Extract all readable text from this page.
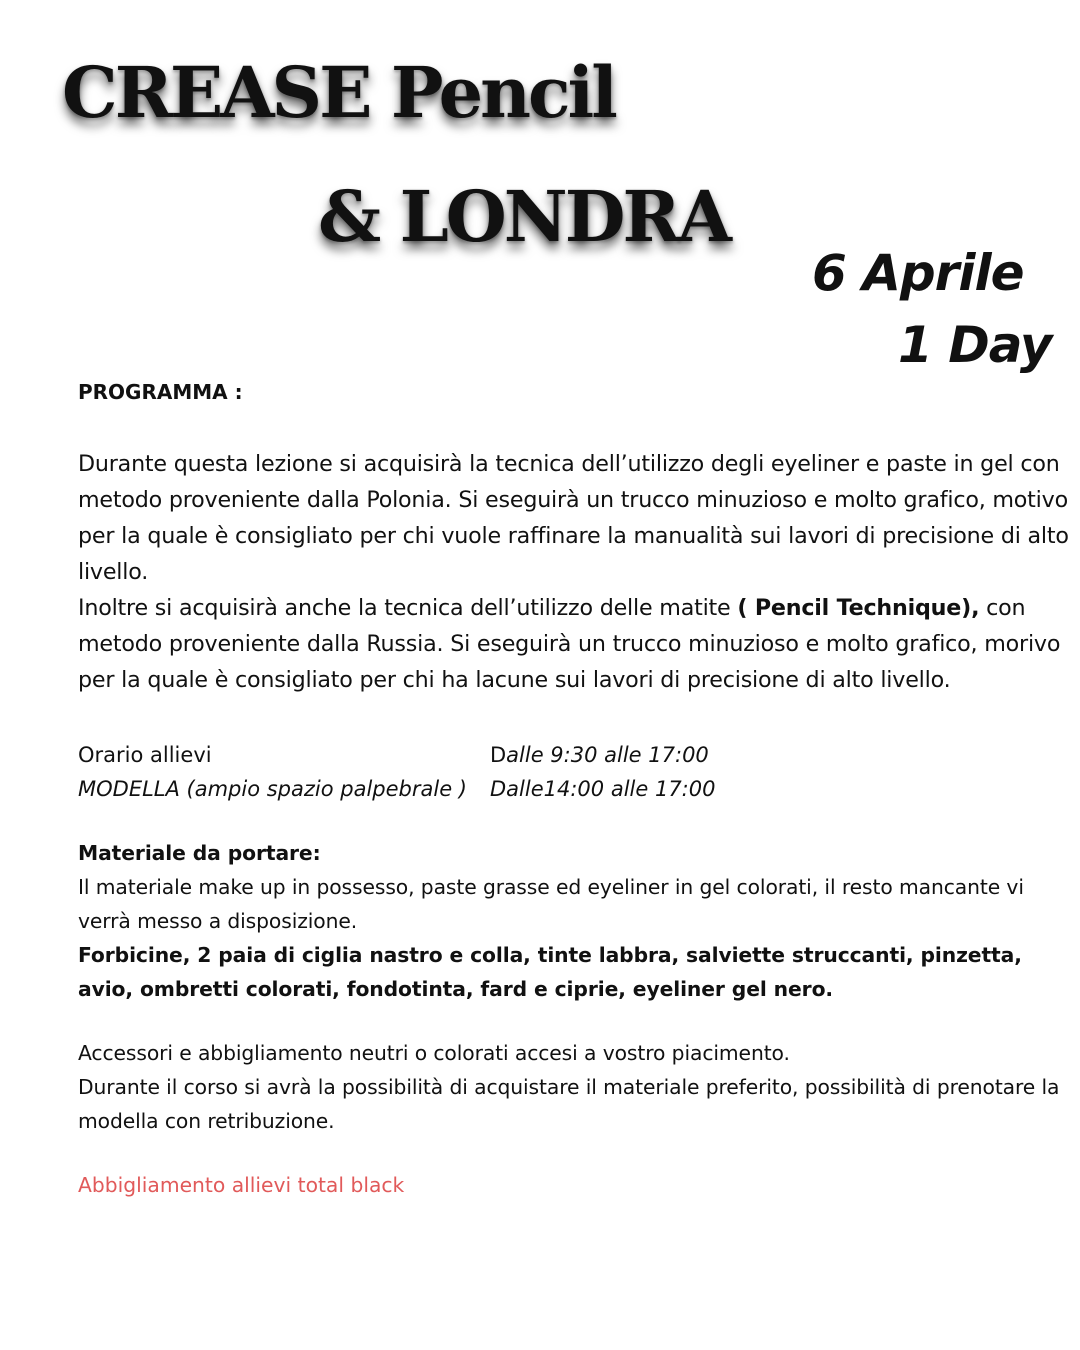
CREASE Pencil
& LONDRA
6 Aprile
1 Day

PROGRAMMA :

Durante questa lezione si acquisirà la tecnica dell’utilizzo degli eyeliner e paste in gel con metodo proveniente dalla Polonia. Si eseguirà un trucco minuzioso e molto grafico, motivo per la quale è consigliato per chi vuole raffinare la manualità sui lavori di precisione di alto livello.

Inoltre si acquisirà anche la tecnica dell’utilizzo delle matite ( Pencil Technique), con metodo proveniente dalla Russia. Si eseguirà un trucco minuzioso e molto grafico, morivo per la quale è consigliato per chi ha lacune sui lavori di precisione di alto livello.

Orario allievi	Dalle 9:30 alle 17:00
MODELLA (ampio spazio palpebrale )	Dalle14:00 alle 17:00

Materiale da portare:

Il materiale make up in possesso, paste grasse ed eyeliner in gel colorati, il resto mancante vi verrà messo a disposizione.

Forbicine, 2 paia di ciglia nastro e colla, tinte labbra, salviette struccanti, pinzetta, avio, ombretti colorati, fondotinta, fard e ciprie, eyeliner gel nero.

Accessori e abbigliamento neutri o colorati accesi a vostro piacimento.

Durante il corso si avrà la possibilità di acquistare il materiale preferito, possibilità di prenotare la modella con retribuzione.

Abbigliamento allievi total black
